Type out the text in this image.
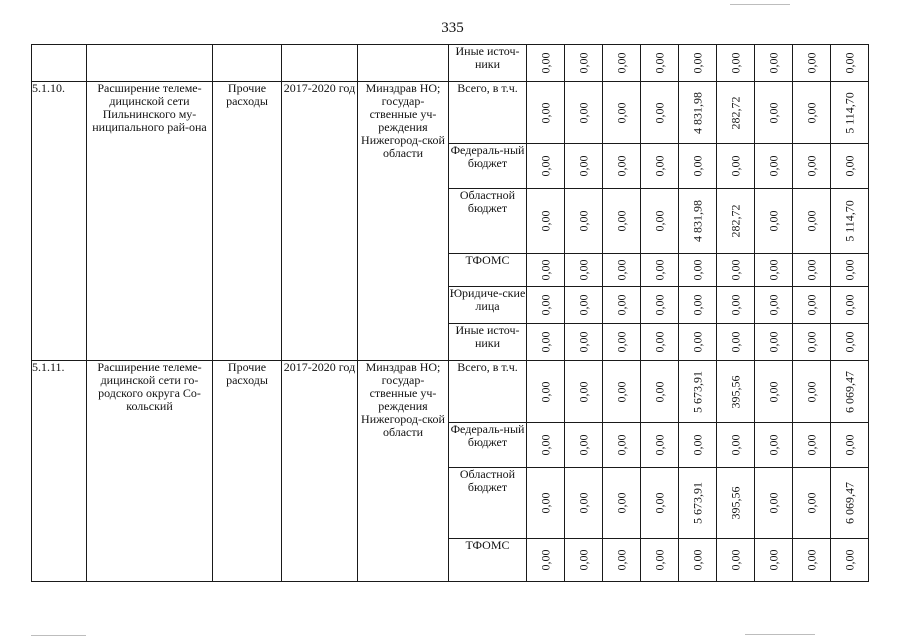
335
					Иные источ-ники	0,00	0,00	0,00	0,00	0,00	0,00	0,00	0,00	0,00

5.1.10.	Расширение телеме-дицинской сети Пильнинского му-ниципального рай-она	Прочие расходы	2017-2020 год	Минздрав НО; государ-ственные уч-реждения Нижегород-ской области	Всего, в т.ч.	0,00	0,00	0,00	0,00	4 831,98	282,72	0,00	0,00	5 114,70

					Федераль-ный бюджет	0,00	0,00	0,00	0,00	0,00	0,00	0,00	0,00	0,00

					Областной бюджет	0,00	0,00	0,00	0,00	4 831,98	282,72	0,00	0,00	5 114,70

					ТФОМС	0,00	0,00	0,00	0,00	0,00	0,00	0,00	0,00	0,00

					Юридиче-ские лица	0,00	0,00	0,00	0,00	0,00	0,00	0,00	0,00	0,00

					Иные источ-ники	0,00	0,00	0,00	0,00	0,00	0,00	0,00	0,00	0,00

5.1.11.	Расширение телеме-дицинской сети го-родского округа Со-кольский	Прочие расходы	2017-2020 год	Минздрав НО; государ-ственные уч-реждения Нижегород-ской области	Всего, в т.ч.	0,00	0,00	0,00	0,00	5 673,91	395,56	0,00	0,00	6 069,47

					Федераль-ный бюджет	0,00	0,00	0,00	0,00	0,00	0,00	0,00	0,00	0,00

					Областной бюджет	0,00	0,00	0,00	0,00	5 673,91	395,56	0,00	0,00	6 069,47

					ТФОМС	0,00	0,00	0,00	0,00	0,00	0,00	0,00	0,00	0,00
